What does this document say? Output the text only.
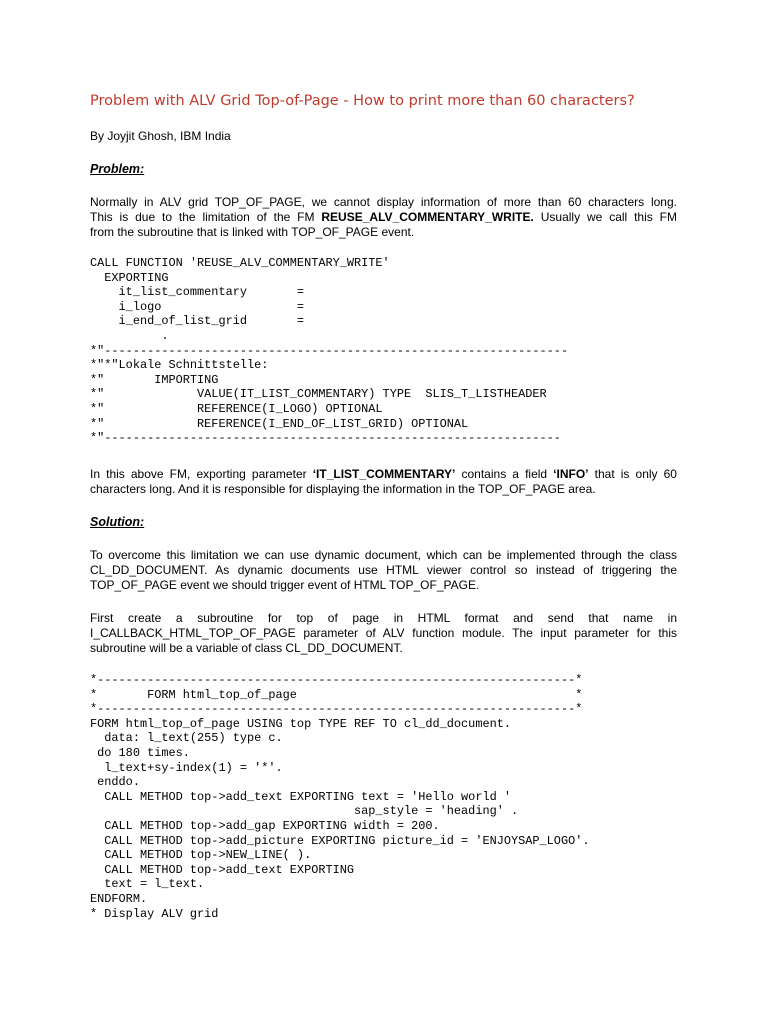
Problem with ALV Grid Top-of-Page - How to print more than 60 characters?

By Joyjit Ghosh, IBM India

Problem:

Normally in ALV grid TOP_OF_PAGE, we cannot display information of more than 60 characters long.
This is due to the limitation of the FM REUSE_ALV_COMMENTARY_WRITE. Usually we call this FM
from the subroutine that is linked with TOP_OF_PAGE event.
CALL FUNCTION 'REUSE_ALV_COMMENTARY_WRITE'
EXPORTING
it_list_commentary       =
i_logo                   =
i_end_of_list_grid       =
.
*"-----------------------------------------------------------------
*"*"Lokale Schnittstelle:
*"       IMPORTING
*"             VALUE(IT_LIST_COMMENTARY) TYPE  SLIS_T_LISTHEADER
*"             REFERENCE(I_LOGO) OPTIONAL
*"             REFERENCE(I_END_OF_LIST_GRID) OPTIONAL
*"----------------------------------------------------------------
In this above FM, exporting parameter ‘IT_LIST_COMMENTARY’ contains a field ‘INFO’ that is only 60
characters long. And it is responsible for displaying the information in the TOP_OF_PAGE area.

Solution:

To overcome this limitation we can use dynamic document, which can be implemented through the class
CL_DD_DOCUMENT. As dynamic documents use HTML viewer control so instead of triggering the
TOP_OF_PAGE event we should trigger event of HTML TOP_OF_PAGE.
First create a subroutine for top of page in HTML format and send that name in
I_CALLBACK_HTML_TOP_OF_PAGE parameter of ALV function module. The input parameter for this
subroutine will be a variable of class CL_DD_DOCUMENT.
*-------------------------------------------------------------------*
*       FORM html_top_of_page                                       *
*-------------------------------------------------------------------*
FORM html_top_of_page USING top TYPE REF TO cl_dd_document.
data: l_text(255) type c.
do 180 times.
l_text+sy-index(1) = '*'.
enddo.
CALL METHOD top->add_text EXPORTING text = 'Hello world '
sap_style = 'heading' .
CALL METHOD top->add_gap EXPORTING width = 200.
CALL METHOD top->add_picture EXPORTING picture_id = 'ENJOYSAP_LOGO'.
CALL METHOD top->NEW_LINE( ).
CALL METHOD top->add_text EXPORTING
text = l_text.
ENDFORM.
* Display ALV grid
